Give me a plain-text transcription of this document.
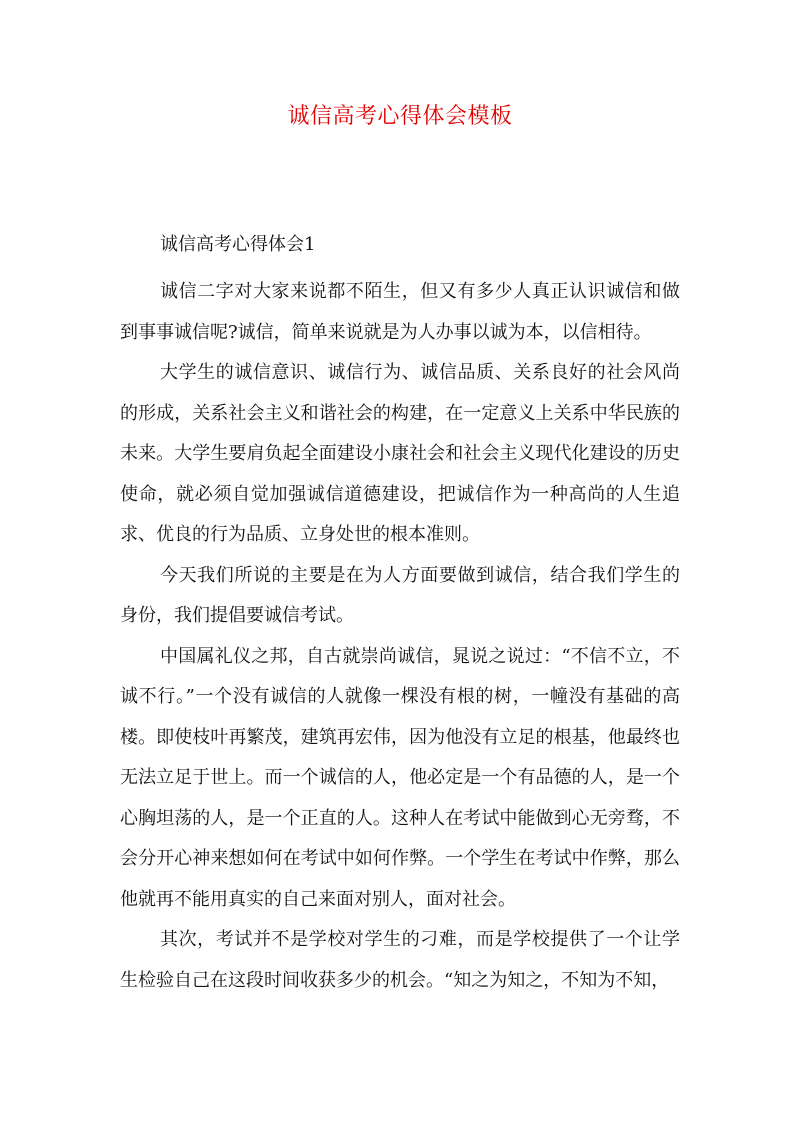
诚信高考心得体会模板
诚信高考心得体会1

诚信二字对大家来说都不陌生，但又有多少人真正认识诚信和做到事事诚信呢?诚信，简单来说就是为人办事以诚为本，以信相待。

大学生的诚信意识、诚信行为、诚信品质、关系良好的社会风尚的形成，关系社会主义和谐社会的构建，在一定意义上关系中华民族的未来。大学生要肩负起全面建设小康社会和社会主义现代化建设的历史使命，就必须自觉加强诚信道德建设，把诚信作为一种高尚的人生追求、优良的行为品质、立身处世的根本准则。

今天我们所说的主要是在为人方面要做到诚信，结合我们学生的身份，我们提倡要诚信考试。

中国属礼仪之邦，自古就崇尚诚信，晁说之说过：“不信不立，不诚不行。”一个没有诚信的人就像一棵没有根的树，一幢没有基础的高楼。即使枝叶再繁茂，建筑再宏伟，因为他没有立足的根基，他最终也无法立足于世上。而一个诚信的人，他必定是一个有品德的人，是一个心胸坦荡的人，是一个正直的人。这种人在考试中能做到心无旁骛，不会分开心神来想如何在考试中如何作弊。一个学生在考试中作弊，那么他就再不能用真实的自己来面对别人，面对社会。

其次，考试并不是学校对学生的刁难，而是学校提供了一个让学生检验自己在这段时间收获多少的机会。“知之为知之，不知为不知，
